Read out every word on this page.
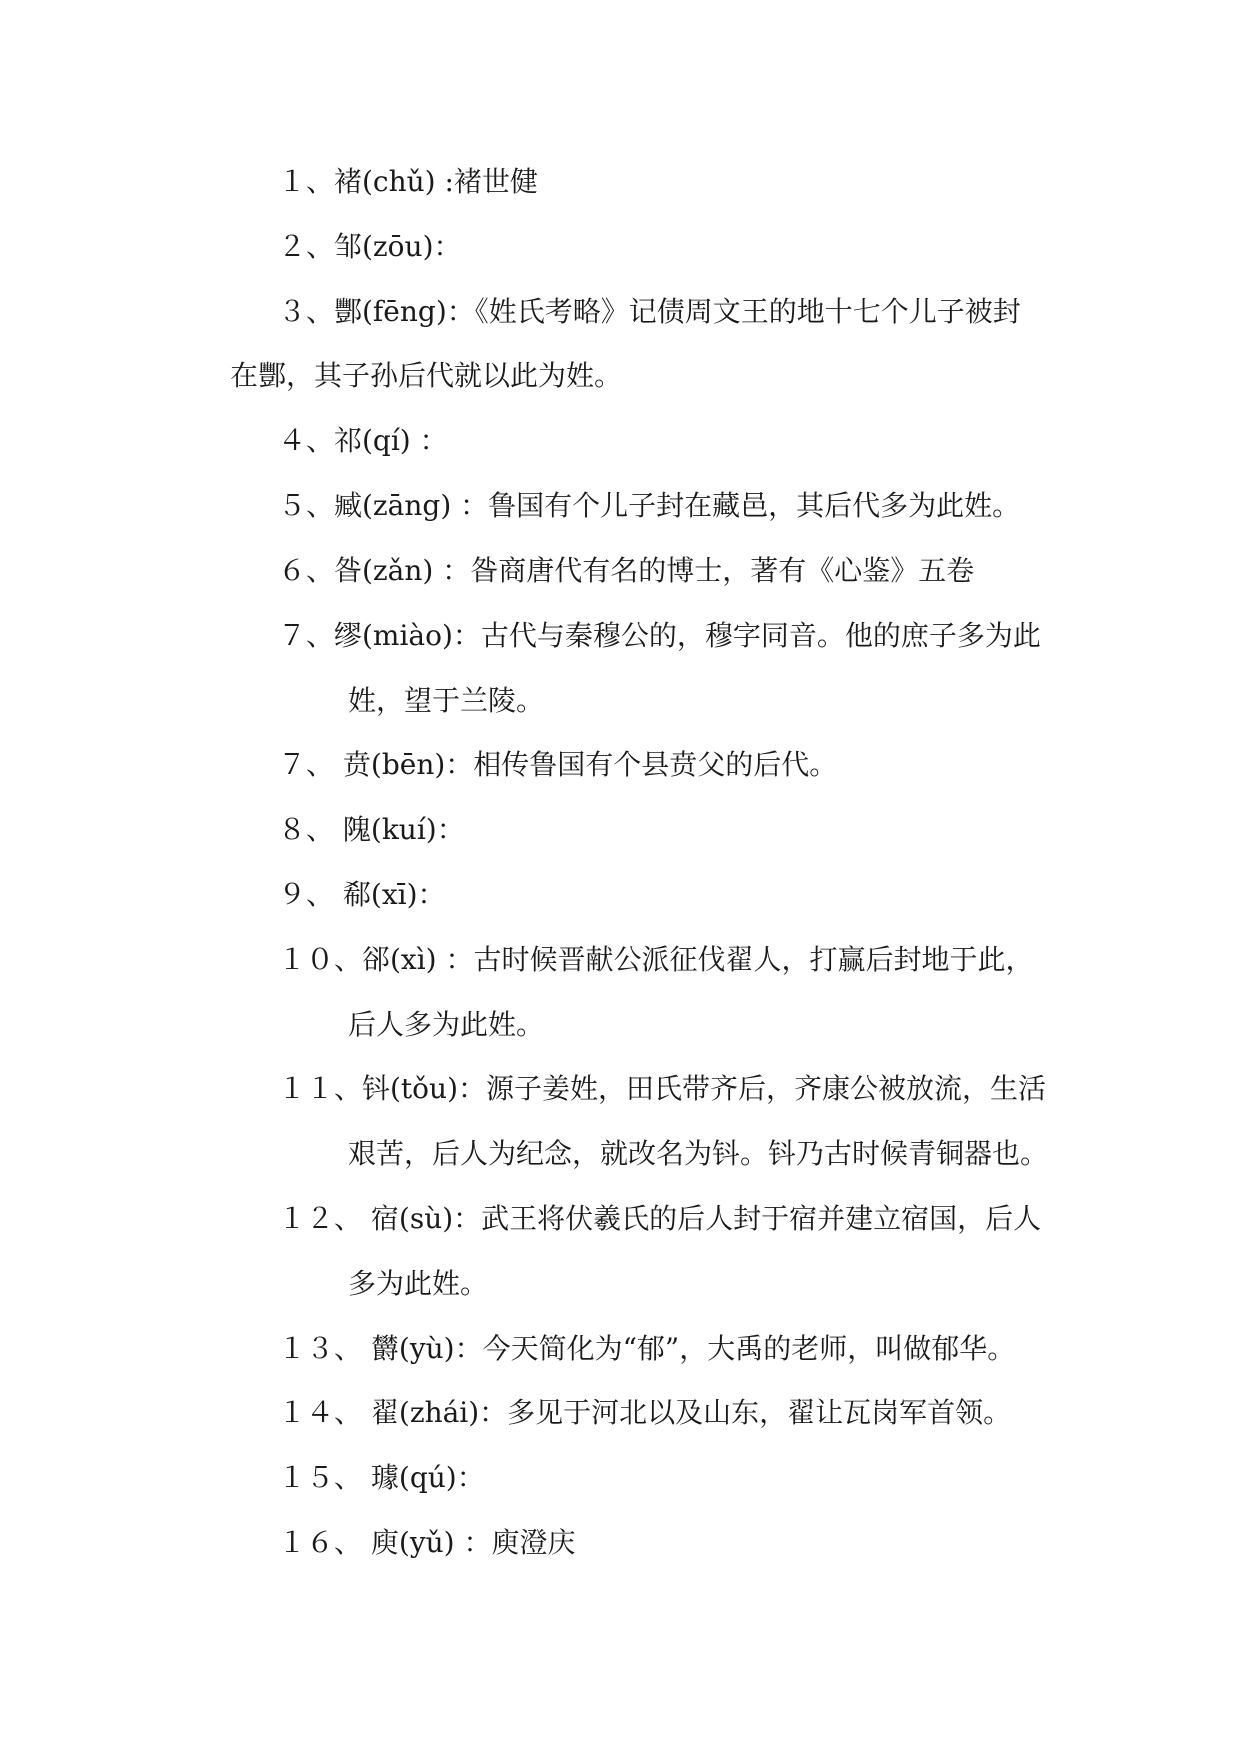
１、褚(chǔ) :褚世健
２、邹(zōu)：
３、酆(fēng)：《姓氏考略》记债周文王的地十七个儿子被封
在酆，其子孙后代就以此为姓。
４、祁(qí) ：
５、臧(zāng) ：鲁国有个儿子封在藏邑，其后代多为此姓。
６、昝(zǎn) ：昝商唐代有名的博士，著有《心鉴》五卷
７、缪(miào)：古代与秦穆公的，穆字同音。他的庶子多为此
姓，望于兰陵。
７、 贲(bēn)：相传鲁国有个县贲父的后代。
８、 隗(kuí)：
９、 郗(xī)：
１０、郤(xì) ：古时候晋献公派征伐翟人，打赢后封地于此，
后人多为此姓。
１１、钭(tǒu)：源子姜姓，田氏带齐后，齐康公被放流，生活
艰苦，后人为纪念，就改名为钭。钭乃古时候青铜器也。
１２、 宿(sù)：武王将伏羲氏的后人封于宿并建立宿国，后人
多为此姓。
１３、 欝(yù)：今天简化为“郁”，大禹的老师，叫做郁华。
１４、 翟(zhái)：多见于河北以及山东，翟让瓦岗军首领。
１５、 璩(qú)：
１６、 庾(yǔ) ：庾澄庆
